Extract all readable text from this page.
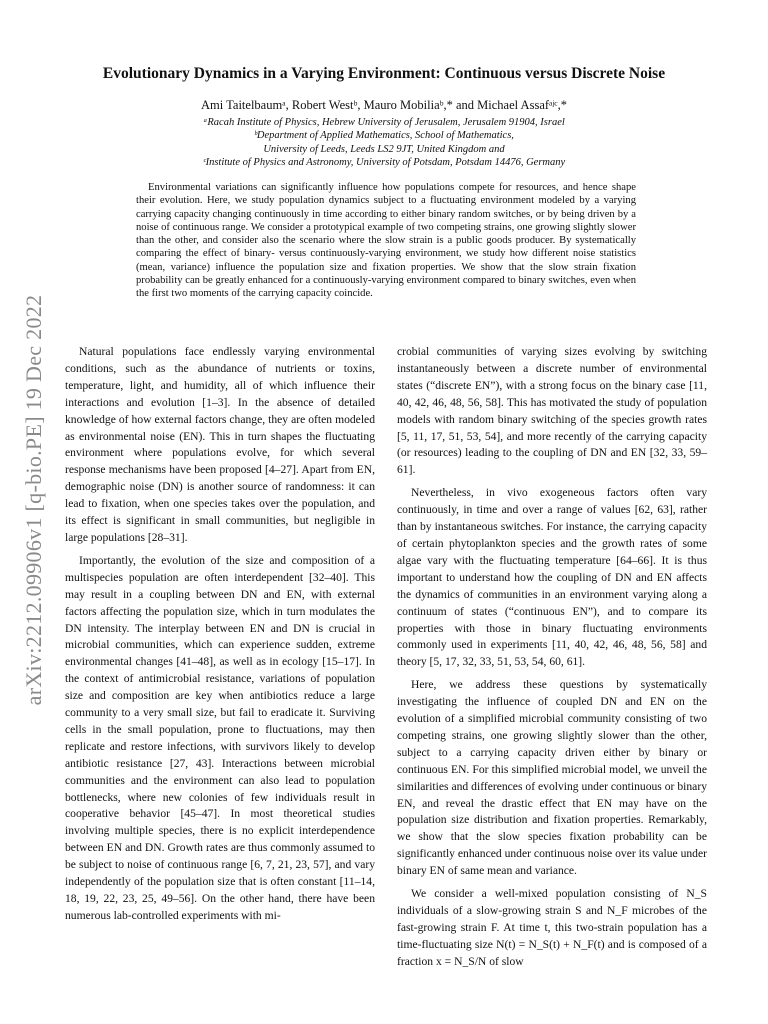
arXiv:2212.09906v1 [q-bio.PE] 19 Dec 2022
Evolutionary Dynamics in a Varying Environment: Continuous versus Discrete Noise
Ami Taitelbaumᵃ, Robert Westᵇ, Mauro Mobiliaᵇ,* and Michael Assafᵃʲᶜ,*
ᵃRacah Institute of Physics, Hebrew University of Jerusalem, Jerusalem 91904, Israel
ᵇDepartment of Applied Mathematics, School of Mathematics,
University of Leeds, Leeds LS2 9JT, United Kingdom and
ᶜInstitute of Physics and Astronomy, University of Potsdam, Potsdam 14476, Germany
Environmental variations can significantly influence how populations compete for resources, and hence shape their evolution. Here, we study population dynamics subject to a fluctuating environment modeled by a varying carrying capacity changing continuously in time according to either binary random switches, or by being driven by a noise of continuous range. We consider a prototypical example of two competing strains, one growing slightly slower than the other, and consider also the scenario where the slow strain is a public goods producer. By systematically comparing the effect of binary- versus continuously-varying environment, we study how different noise statistics (mean, variance) influence the population size and fixation properties. We show that the slow strain fixation probability can be greatly enhanced for a continuously-varying environment compared to binary switches, even when the first two moments of the carrying capacity coincide.

Natural populations face endlessly varying environmental conditions, such as the abundance of nutrients or toxins, temperature, light, and humidity, all of which influence their interactions and evolution [1–3]. In the absence of detailed knowledge of how external factors change, they are often modeled as environmental noise (EN). This in turn shapes the fluctuating environment where populations evolve, for which several response mechanisms have been proposed [4–27]. Apart from EN, demographic noise (DN) is another source of randomness: it can lead to fixation, when one species takes over the population, and its effect is significant in small communities, but negligible in large populations [28–31].

Importantly, the evolution of the size and composition of a multispecies population are often interdependent [32–40]. This may result in a coupling between DN and EN, with external factors affecting the population size, which in turn modulates the DN intensity. The interplay between EN and DN is crucial in microbial communities, which can experience sudden, extreme environmental changes [41–48], as well as in ecology [15–17]. In the context of antimicrobial resistance, variations of population size and composition are key when antibiotics reduce a large community to a very small size, but fail to eradicate it. Surviving cells in the small population, prone to fluctuations, may then replicate and restore infections, with survivors likely to develop antibiotic resistance [27, 43]. Interactions between microbial communities and the environment can also lead to population bottlenecks, where new colonies of few individuals result in cooperative behavior [45–47]. In most theoretical studies involving multiple species, there is no explicit interdependence between EN and DN. Growth rates are thus commonly assumed to be subject to noise of continuous range [6, 7, 21, 23, 57], and vary independently of the population size that is often constant [11–14, 18, 19, 22, 23, 25, 49–56]. On the other hand, there have been numerous lab-controlled experiments with mi-

crobial communities of varying sizes evolving by switching instantaneously between a discrete number of environmental states (“discrete EN”), with a strong focus on the binary case [11, 40, 42, 46, 48, 56, 58]. This has motivated the study of population models with random binary switching of the species growth rates [5, 11, 17, 51, 53, 54], and more recently of the carrying capacity (or resources) leading to the coupling of DN and EN [32, 33, 59–61].

Nevertheless, in vivo exogeneous factors often vary continuously, in time and over a range of values [62, 63], rather than by instantaneous switches. For instance, the carrying capacity of certain phytoplankton species and the growth rates of some algae vary with the fluctuating temperature [64–66]. It is thus important to understand how the coupling of DN and EN affects the dynamics of communities in an environment varying along a continuum of states (“continuous EN”), and to compare its properties with those in binary fluctuating environments commonly used in experiments [11, 40, 42, 46, 48, 56, 58] and theory [5, 17, 32, 33, 51, 53, 54, 60, 61].

Here, we address these questions by systematically investigating the influence of coupled DN and EN on the evolution of a simplified microbial community consisting of two competing strains, one growing slightly slower than the other, subject to a carrying capacity driven either by binary or continuous EN. For this simplified microbial model, we unveil the similarities and differences of evolving under continuous or binary EN, and reveal the drastic effect that EN may have on the population size distribution and fixation properties. Remarkably, we show that the slow species fixation probability can be significantly enhanced under continuous noise over its value under binary EN of same mean and variance.

We consider a well-mixed population consisting of N_S individuals of a slow-growing strain S and N_F microbes of the fast-growing strain F. At time t, this two-strain population has a time-fluctuating size N(t) = N_S(t) + N_F(t) and is composed of a fraction x = N_S/N of slow
